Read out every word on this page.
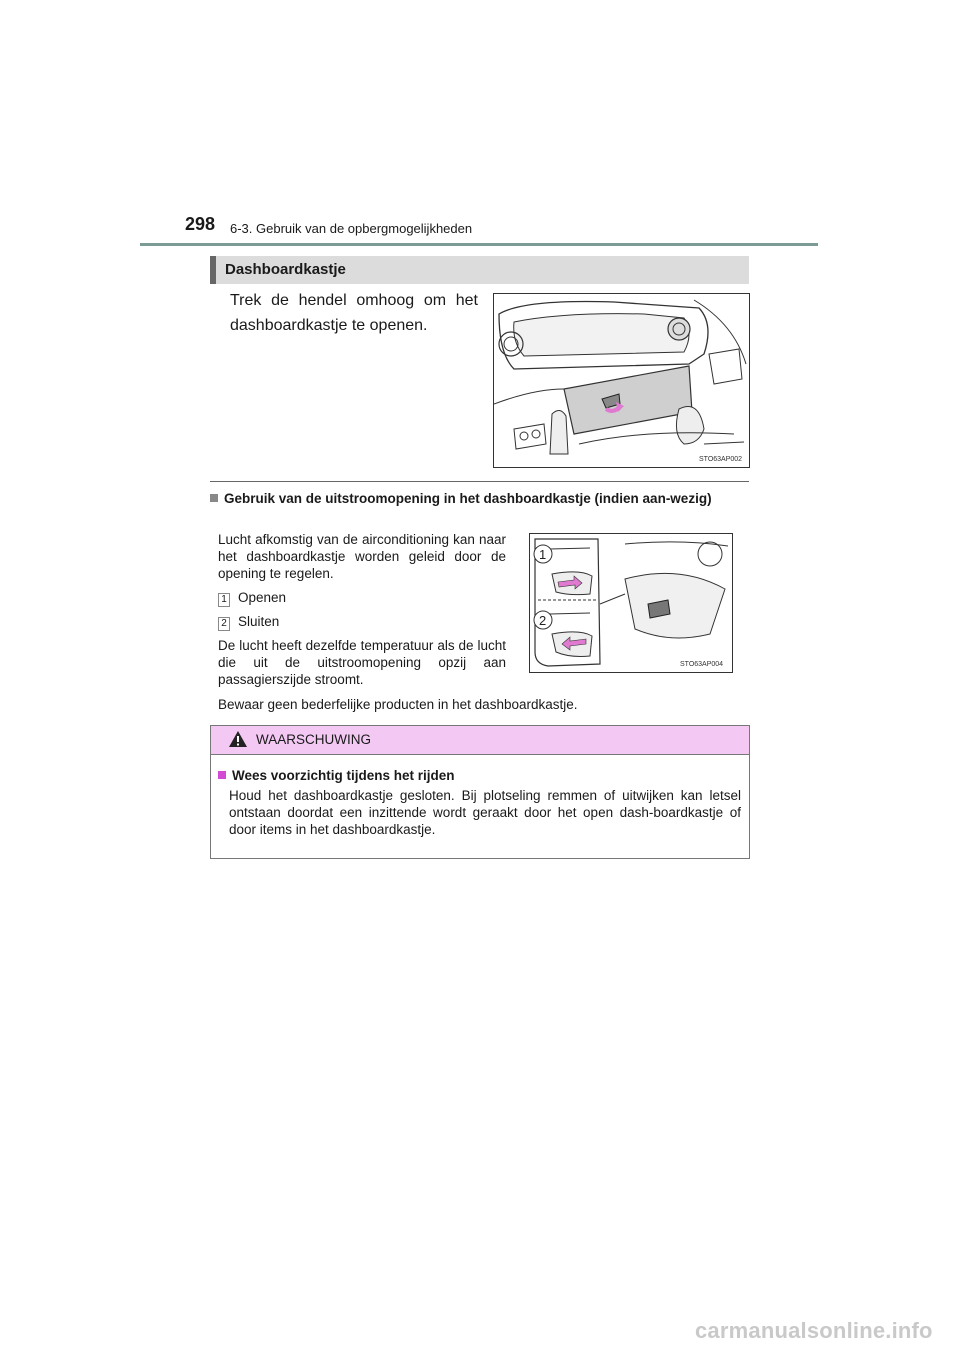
298 6-3. Gebruik van de opbergmogelijkheden
Dashboardkastje
Trek de hendel omhoog om het dashboardkastje te openen.
STO63AP002
Gebruik van de uitstroomopening in het dashboardkastje (indien aan-wezig)
Lucht afkomstig van de airconditioning kan naar het dashboardkastje worden geleid door de opening te regelen.
1 Openen
2 Sluiten
De lucht heeft dezelfde temperatuur als de lucht die uit de uitstroomopening opzij aan passagierszijde stroomt.
1
2
STO63AP004
Bewaar geen bederfelijke producten in het dashboardkastje.
WAARSCHUWING
Wees voorzichtig tijdens het rijden
Houd het dashboardkastje gesloten. Bij plotseling remmen of uitwijken kan letsel ontstaan doordat een inzittende wordt geraakt door het open dash-boardkastje of door items in het dashboardkastje.
carmanualsonline.info
